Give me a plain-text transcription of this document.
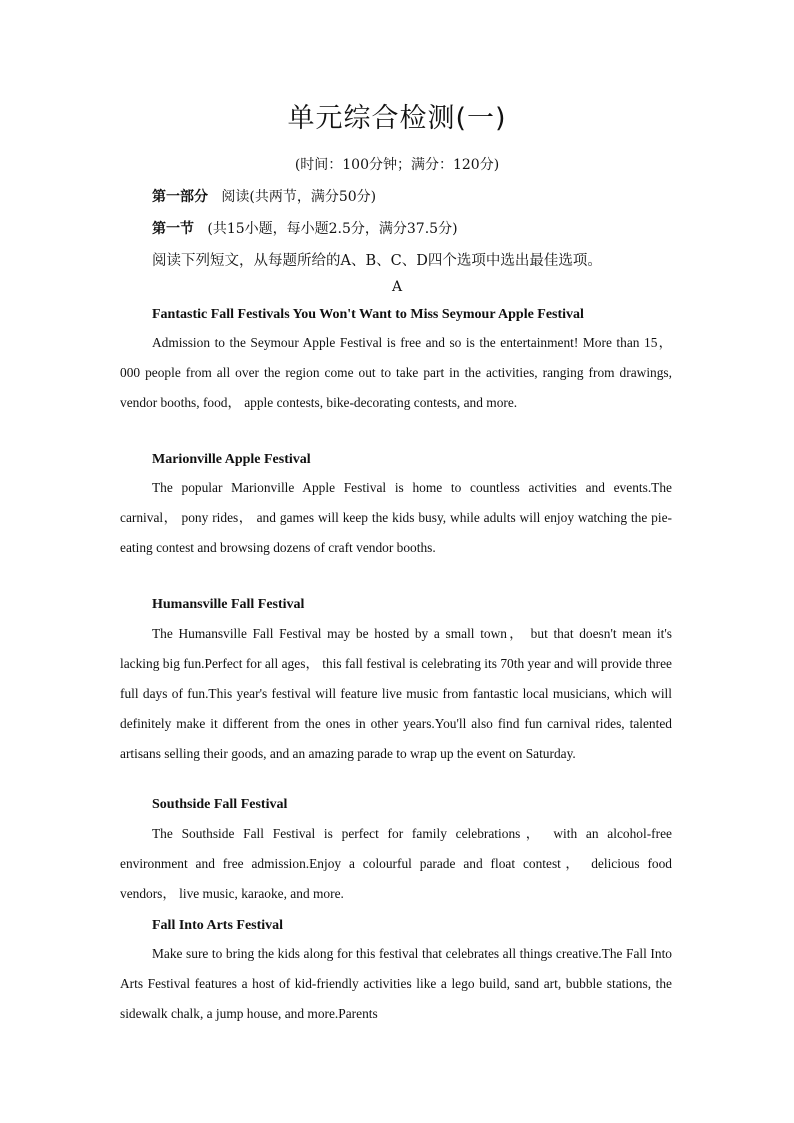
单元综合检测(一)
(时间：100分钟；满分：120分)
第一部分 阅读(共两节，满分50分)
第一节 (共15小题，每小题2.5分，满分37.5分)
阅读下列短文，从每题所给的A、B、C、D四个选项中选出最佳选项。
A
Fantastic Fall Festivals You Won't Want to Miss Seymour Apple Festival
Admission to the Seymour Apple Festival is free and so is the entertainment! More than 15，000 people from all over the region come out to take part in the activities, ranging from drawings, vendor booths, food， apple contests, bike-decorating contests, and more.
Marionville Apple Festival
The popular Marionville Apple Festival is home to countless activities and events.The carnival， pony rides， and games will keep the kids busy, while adults will enjoy watching the pie-eating contest and browsing dozens of craft vendor booths.
Humansville Fall Festival
The Humansville Fall Festival may be hosted by a small town， but that doesn't mean it's lacking big fun.Perfect for all ages， this fall festival is celebrating its 70th year and will provide three full days of fun.This year's festival will feature live music from fantastic local musicians, which will definitely make it different from the ones in other years.You'll also find fun carnival rides, talented artisans selling their goods, and an amazing parade to wrap up the event on Saturday.
Southside Fall Festival
The Southside Fall Festival is perfect for family celebrations， with an alcohol-free environment and free admission.Enjoy a colourful parade and float contest， delicious food vendors， live music, karaoke, and more.
Fall Into Arts Festival
Make sure to bring the kids along for this festival that celebrates all things creative.The Fall Into Arts Festival features a host of kid-friendly activities like a lego build, sand art, bubble stations, the sidewalk chalk, a jump house, and more.Parents
